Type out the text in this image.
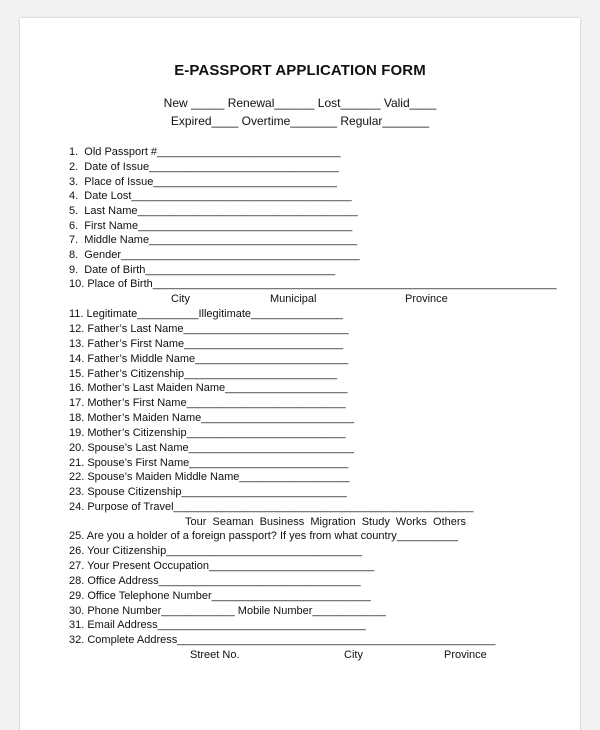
E-PASSPORT APPLICATION FORM
New _____ Renewal______ Lost______ Valid____
Expired____ Overtime_______ Regular_______
1.  Old Passport #______________________________
2.  Date of Issue_______________________________
3.  Place of Issue______________________________
4.  Date Lost____________________________________
5.  Last Name____________________________________
6.  First Name___________________________________
7.  Middle Name__________________________________
8.  Gender_______________________________________
9.  Date of Birth_______________________________
10. Place of Birth__________________________________________________________________
City	Municipal	Province
11. Legitimate__________Illegitimate_______________
12. Father’s Last Name___________________________
13. Father’s First Name__________________________
14. Father’s Middle Name_________________________
15. Father’s Citizenship_________________________
16. Mother’s Last Maiden Name____________________
17. Mother’s First Name__________________________
18. Mother’s Maiden Name_________________________
19. Mother’s Citizenship__________________________
20. Spouse’s Last Name___________________________
21. Spouse’s First Name__________________________
22. Spouse’s Maiden Middle Name__________________
23. Spouse Citizenship___________________________
24. Purpose of Travel_________________________________________________
Tour  Seaman  Business  Migration  Study  Works  Others
25. Are you a holder of a foreign passport? If yes from what country__________
26. Your Citizenship________________________________
27. Your Present Occupation___________________________
28. Office Address_________________________________
29. Office Telephone Number__________________________
30. Phone Number____________ Mobile Number____________
31. Email Address__________________________________
32. Complete Address____________________________________________________
Street No.	City	Province
